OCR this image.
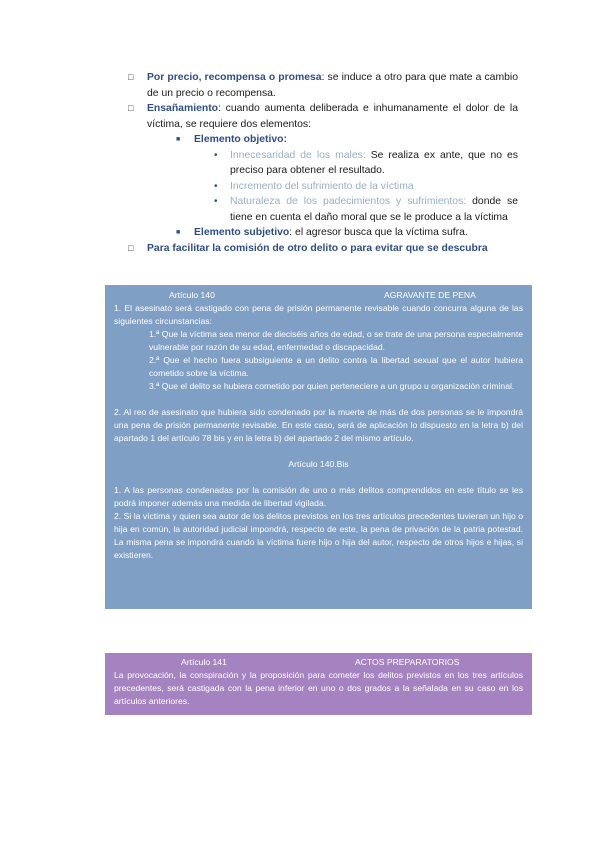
□ Por precio, recompensa o promesa: se induce a otro para que mate a cambio de un precio o recompensa.
□ Ensañamiento: cuando aumenta deliberada e inhumanamente el dolor de la víctima, se requiere dos elementos:
■ Elemento objetivo:
• Innecesaridad de los males: Se realiza ex ante, que no es preciso para obtener el resultado.
• Incremento del sufrimiento de la víctima
• Naturaleza de los padecimientos y sufrimientos: donde se tiene en cuenta el daño moral que se le produce a la víctima
■ Elemento subjetivo: el agresor busca que la víctima sufra.
□ Para facilitar la comisión de otro delito o para evitar que se descubra
Artículo 140	AGRAVANTE DE PENA
1. El asesinato será castigado con pena de prisión permanente revisable cuando concurra alguna de las siguientes circunstancias:
1.ª Que la víctima sea menor de dieciséis años de edad, o se trate de una persona especialmente vulnerable por razón de su edad, enfermedad o discapacidad.
2.ª Que el hecho fuera subsiguiente a un delito contra la libertad sexual que el autor hubiera cometido sobre la víctima.
3.ª Que el delito se hubiera cometido por quien perteneciere a un grupo u organización criminal.
2. Al reo de asesinato que hubiera sido condenado por la muerte de más de dos personas se le impondrá una pena de prisión permanente revisable. En este caso, será de aplicación lo dispuesto en la letra b) del apartado 1 del artículo 78 bis y en la letra b) del apartado 2 del mismo artículo.
Artículo 140.Bis
1. A las personas condenadas por la comisión de uno o más delitos comprendidos en este título se les podrá imponer además una medida de libertad vigilada.
2. Si la víctima y quien sea autor de los delitos previstos en los tres artículos precedentes tuvieran un hijo o hija en común, la autoridad judicial impondrá, respecto de este, la pena de privación de la patria potestad. La misma pena se impondrá cuando la víctima fuere hijo o hija del autor, respecto de otros hijos e hijas, si existieren.
Artículo 141	ACTOS PREPARATORIOS
La provocación, la conspiración y la proposición para cometer los delitos previstos en los tres artículos precedentes, será castigada con la pena inferior en uno o dos grados a la señalada en su caso en los artículos anteriores.
